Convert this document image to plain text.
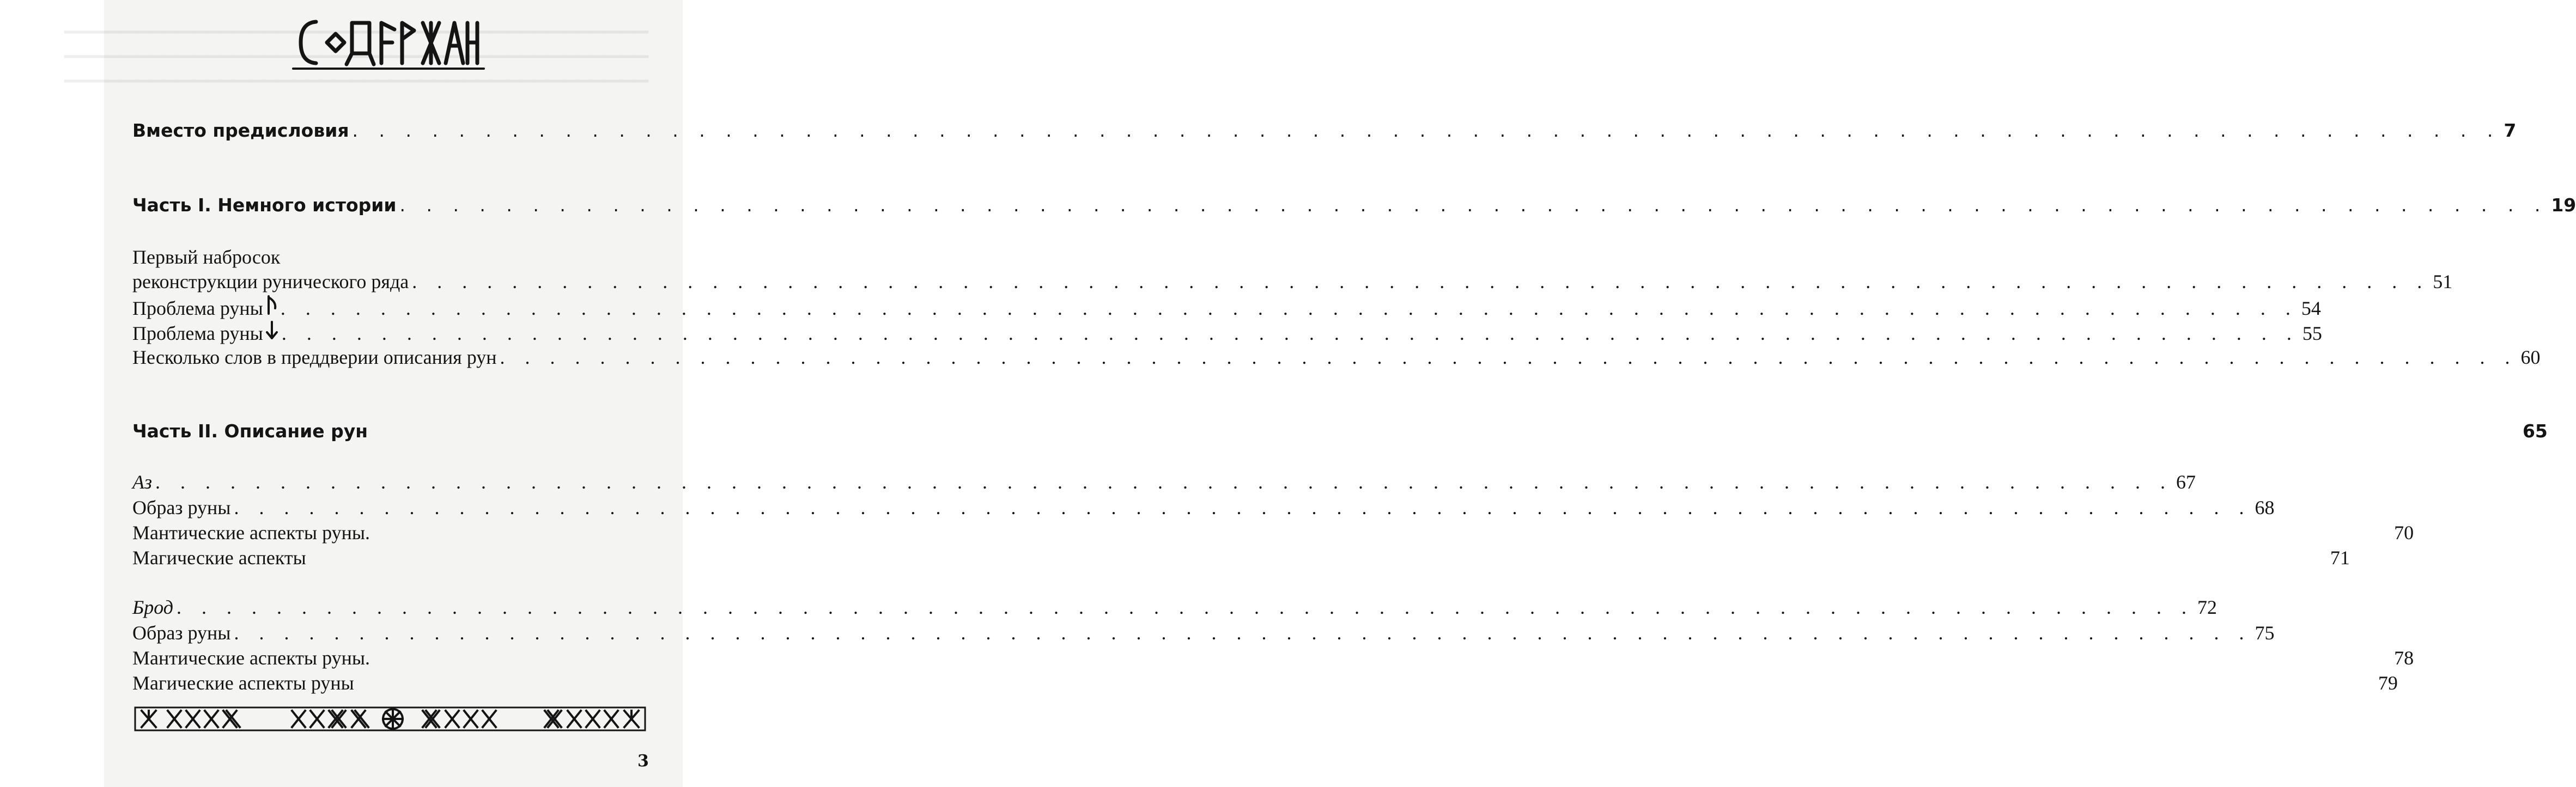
Вместо предисловия . . .	7
Часть I. Немного истории . . .	19
Первый набросок
реконструкции рунического ряда . . .	51
Проблема руны . . .	54
Проблема руны . . .	55
Несколько слов в преддверии описания рун . . .	60
Часть II. Описание рун	65
Аз . . .	67
Образ руны . . .	68
Мантические аспекты руны.	70
Магические аспекты	71
Брод . . .	72
Образ руны . . .	75
Мантические аспекты руны.	78
Магические аспекты руны	79
3
